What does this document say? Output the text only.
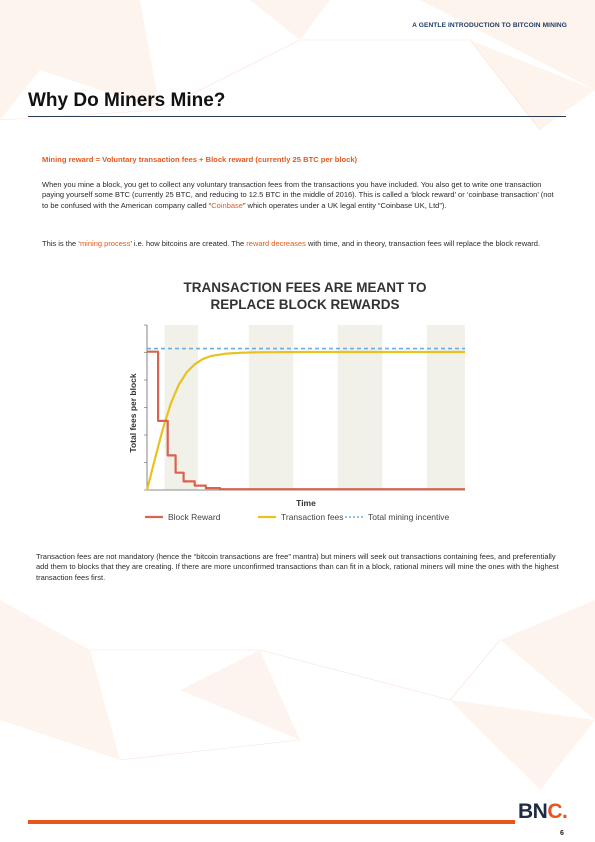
A GENTLE INTRODUCTION TO BITCOIN MINING
Why Do Miners Mine?
Mining reward = Voluntary transaction fees + Block reward (currently 25 BTC per block)

When you mine a block, you get to collect any voluntary transaction fees from the transactions you have included. You also get to write one transaction paying yourself some BTC (currently 25 BTC, and reducing to 12.5 BTC in the middle of 2016). This is called a ‘block reward’ or ‘coinbase transaction’ (not to be confused with the American company called “Coinbase” which operates under a UK legal entity “Coinbase UK, Ltd”).

This is the ‘mining process’ i.e. how bitcoins are created. The reward decreases with time, and in theory, transaction fees will replace the block reward.

TRANSACTION FEES ARE MEANT TO
REPLACE BLOCK REWARDS
Time
Total fees per block
Block Reward	Transaction fees	Total mining incentive

Transaction fees are not mandatory (hence the “bitcoin transactions are free” mantra) but miners will seek out transactions containing fees, and preferentially add them to blocks that they are creating. If there are more unconfirmed transactions than can fit in a block, rational miners will mine the ones with the highest transaction fees first.

BNC.
6
